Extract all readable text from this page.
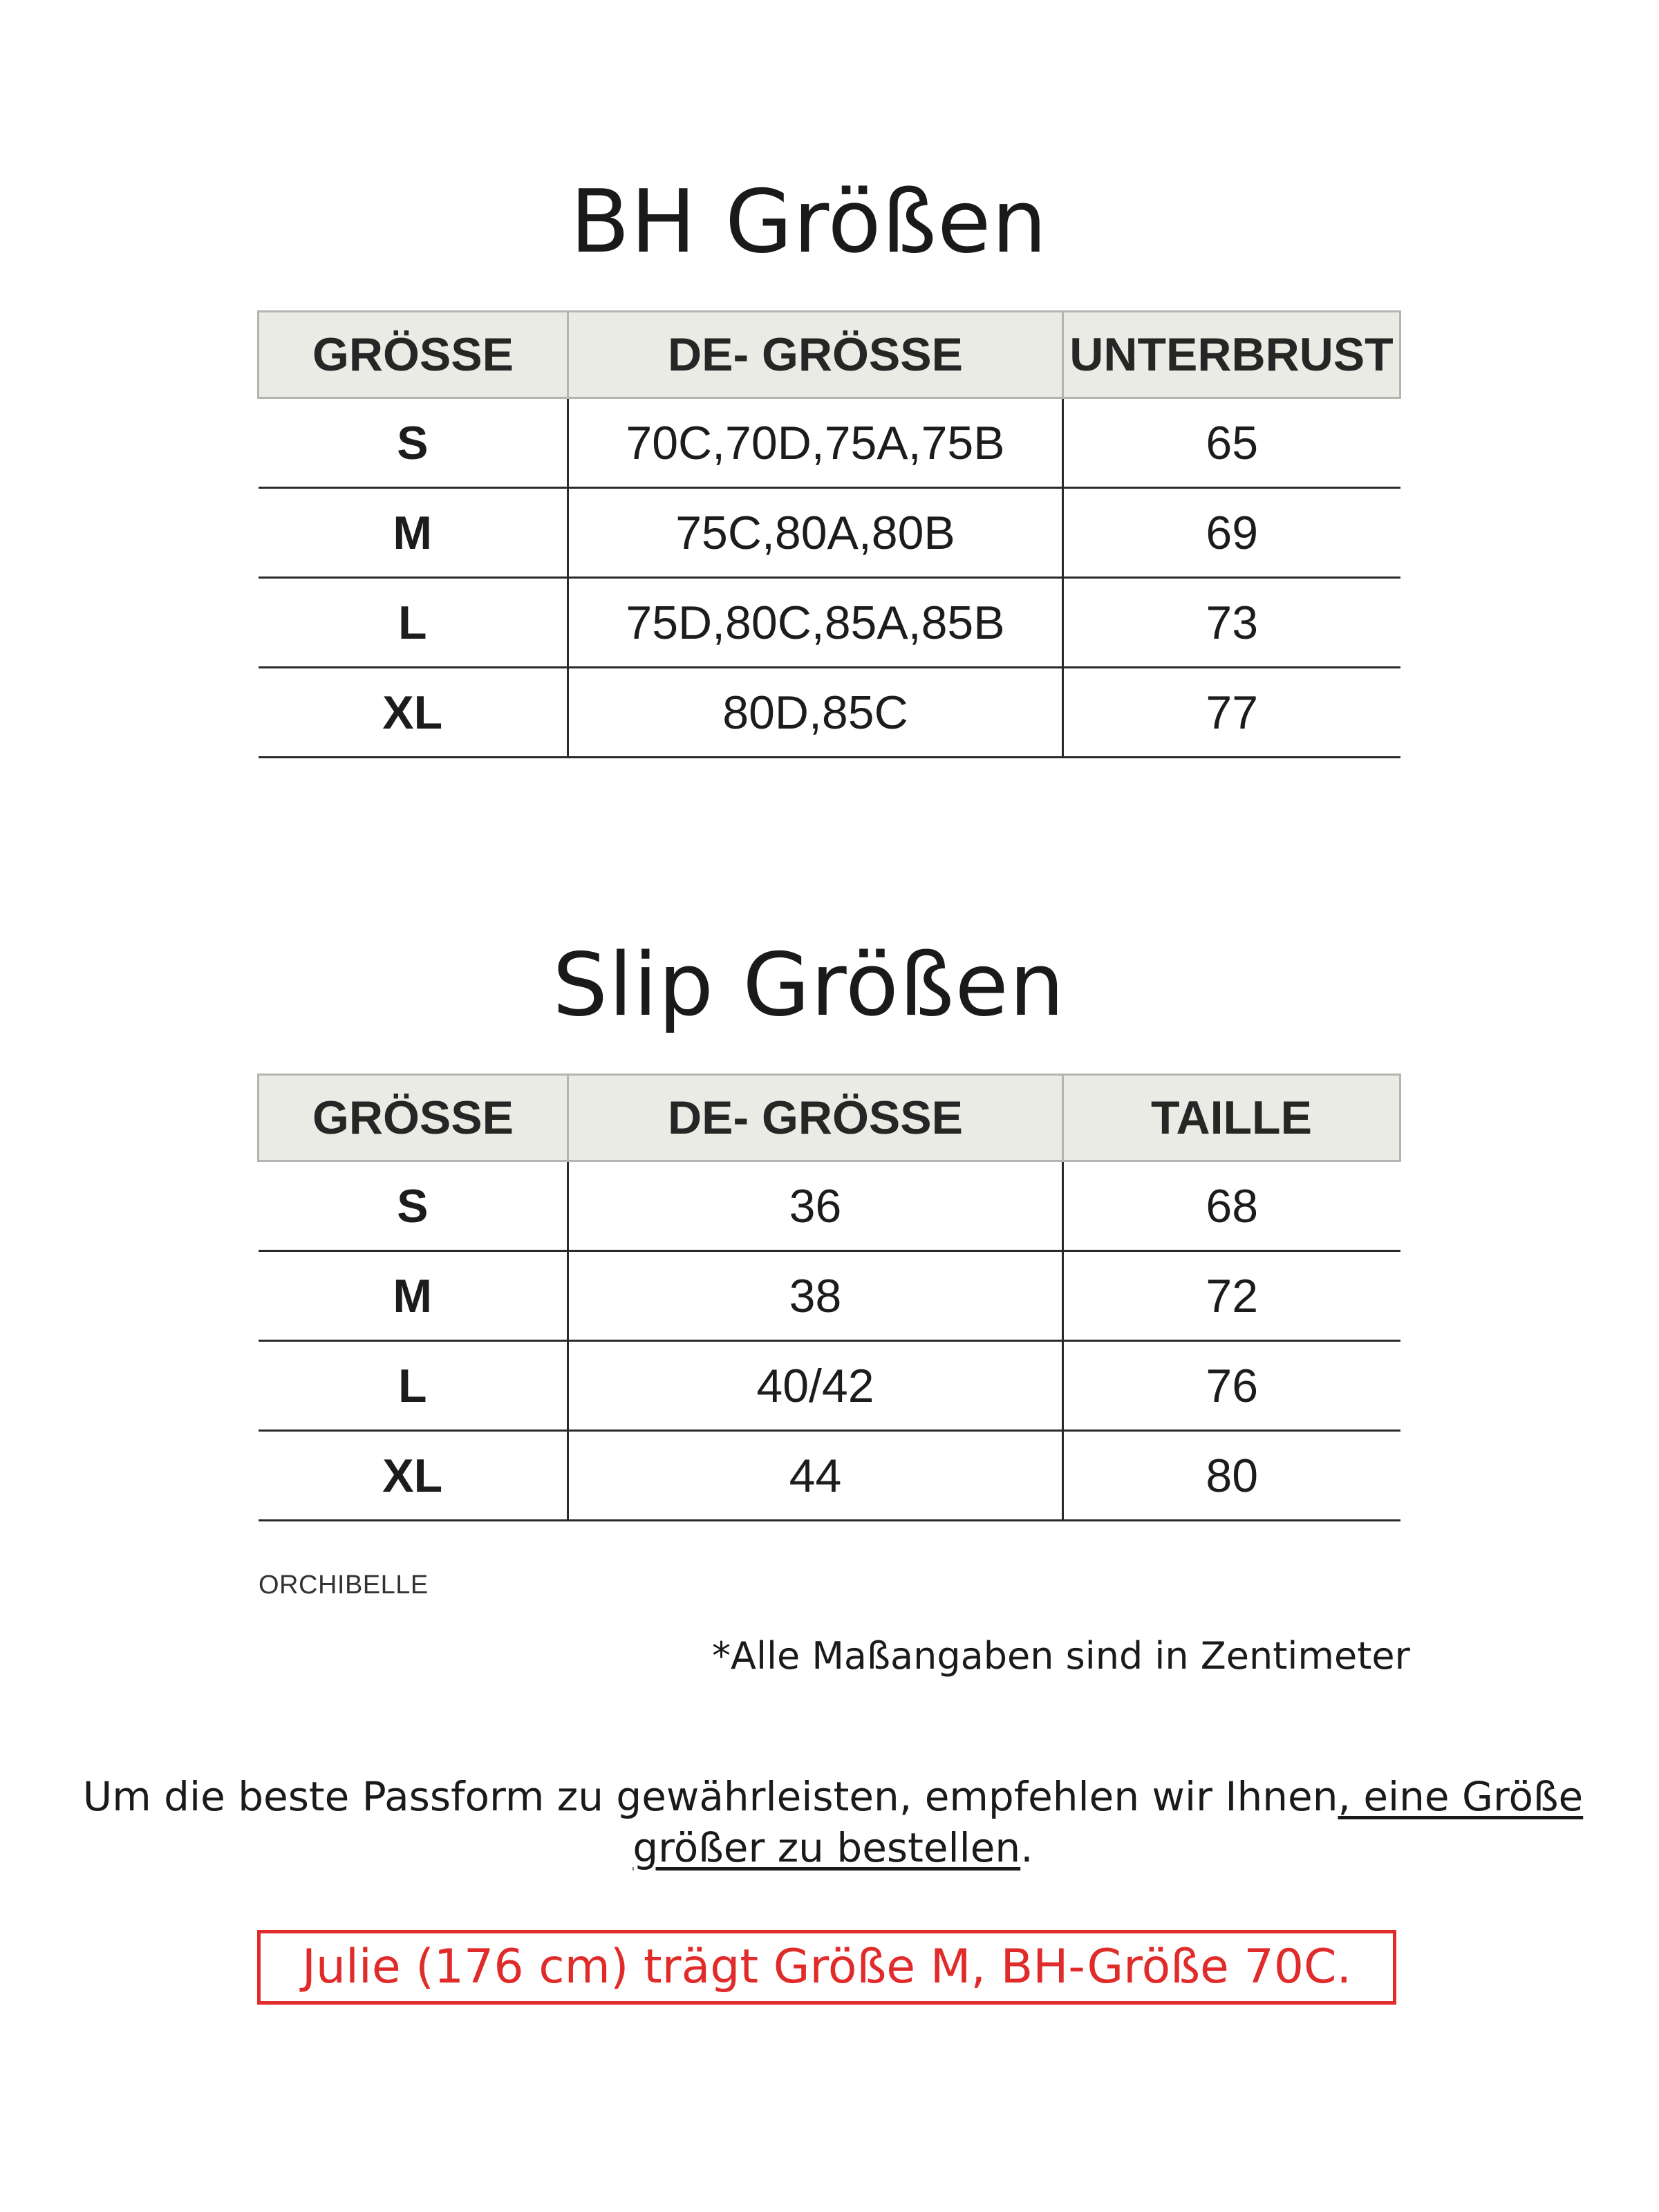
BH Größen
GRÖSSE	DE- GRÖSSE	UNTERBRUST
S	70C,70D,75A,75B	65
M	75C,80A,80B	69
L	75D,80C,85A,85B	73
XL	80D,85C	77
Slip Größen
GRÖSSE	DE- GRÖSSE	TAILLE
S	36	68
M	38	72
L	40/42	76
XL	44	80
ORCHIBELLE
*Alle Maßangaben sind in Zentimeter

Um die beste Passform zu gewährleisten, empfehlen wir Ihnen, eine Größe größer zu bestellen.

Julie (176 cm) trägt Größe M, BH-Größe 70C.
